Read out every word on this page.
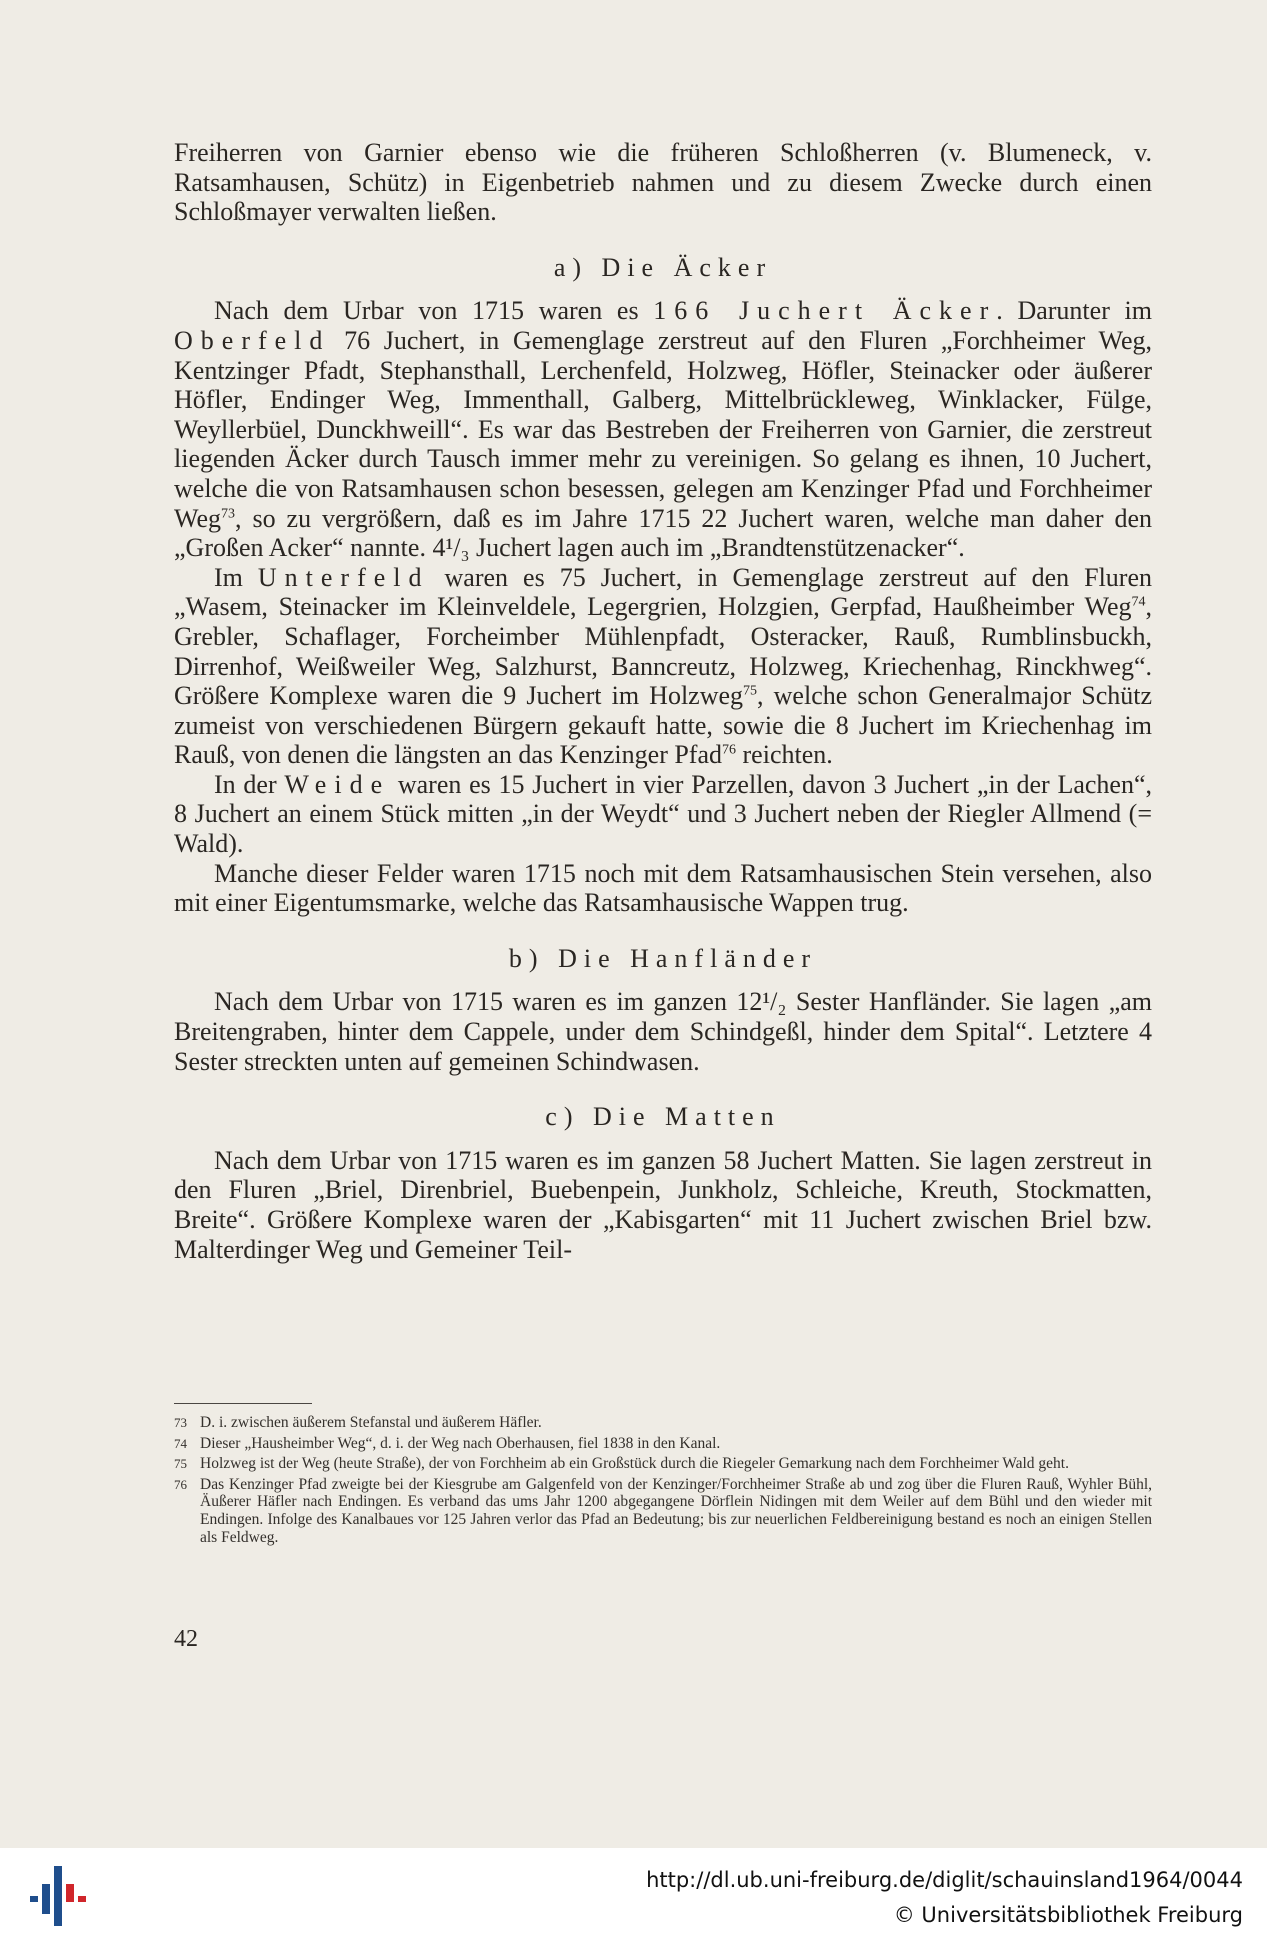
Freiherren von Garnier ebenso wie die früheren Schloßherren (v. Blumeneck, v. Ratsamhausen, Schütz) in Eigenbetrieb nahmen und zu diesem Zwecke durch einen Schloßmayer verwalten ließen.

a) Die Äcker

Nach dem Urbar von 1715 waren es 166 Juchert Äcker. Darunter im Oberfeld 76 Juchert, in Gemenglage zerstreut auf den Fluren „Forchheimer Weg, Kentzinger Pfadt, Stephansthall, Lerchenfeld, Holzweg, Höfler, Steinacker oder äußerer Höfler, Endinger Weg, Immenthall, Galberg, Mittelbrückleweg, Winklacker, Fülge, Weyllerbüel, Dunckhweill“. Es war das Bestreben der Freiherren von Garnier, die zerstreut liegenden Äcker durch Tausch immer mehr zu vereinigen. So gelang es ihnen, 10 Juchert, welche die von Ratsamhausen schon besessen, gelegen am Kenzinger Pfad und Forchheimer Weg$^{73}$, so zu vergrößern, daß es im Jahre 1715 22 Juchert waren, welche man daher den „Großen Acker“ nannte. 4¹/₃ Juchert lagen auch im „Brandtenstützenacker“.

Im Unterfeld waren es 75 Juchert, in Gemenglage zerstreut auf den Fluren „Wasem, Steinacker im Kleinveldele, Legergrien, Holzgien, Gerpfad, Haußheimber Weg$^{74}$, Grebler, Schaflager, Forcheimber Mühlenpfadt, Osteracker, Rauß, Rumblinsbuckh, Dirrenhof, Weißweiler Weg, Salzhurst, Banncreutz, Holzweg, Kriechenhag, Rinckhweg“. Größere Komplexe waren die 9 Juchert im Holzweg$^{75}$, welche schon Generalmajor Schütz zumeist von verschiedenen Bürgern gekauft hatte, sowie die 8 Juchert im Kriechenhag im Rauß, von denen die längsten an das Kenzinger Pfad$^{76}$ reichten.

In der Weide waren es 15 Juchert in vier Parzellen, davon 3 Juchert „in der Lachen“, 8 Juchert an einem Stück mitten „in der Weydt“ und 3 Juchert neben der Riegler Allmend (= Wald).

Manche dieser Felder waren 1715 noch mit dem Ratsamhausischen Stein versehen, also mit einer Eigentumsmarke, welche das Ratsamhausische Wappen trug.

b) Die Hanfländer

Nach dem Urbar von 1715 waren es im ganzen 12¹/₂ Sester Hanfländer. Sie lagen „am Breitengraben, hinter dem Cappele, under dem Schindgeßl, hinder dem Spital“. Letztere 4 Sester streckten unten auf gemeinen Schindwasen.

c) Die Matten

Nach dem Urbar von 1715 waren es im ganzen 58 Juchert Matten. Sie lagen zerstreut in den Fluren „Briel, Direnbriel, Buebenpein, Junkholz, Schleiche, Kreuth, Stockmatten, Breite“. Größere Komplexe waren der „Kabisgarten“ mit 11 Juchert zwischen Briel bzw. Malterdinger Weg und Gemeiner Teil-

73 D. i. zwischen äußerem Stefanstal und äußerem Häfler.

74 Dieser „Hausheimber Weg“, d. i. der Weg nach Oberhausen, fiel 1838 in den Kanal.

75 Holzweg ist der Weg (heute Straße), der von Forchheim ab ein Großstück durch die Riegeler Gemarkung nach dem Forchheimer Wald geht.

76 Das Kenzinger Pfad zweigte bei der Kiesgrube am Galgenfeld von der Kenzinger/Forchheimer Straße ab und zog über die Fluren Rauß, Wyhler Bühl, Äußerer Häfler nach Endingen. Es verband das ums Jahr 1200 abgegangene Dörflein Nidingen mit dem Weiler auf dem Bühl und den wieder mit Endingen. Infolge des Kanalbaues vor 125 Jahren verlor das Pfad an Bedeutung; bis zur neuerlichen Feldbereinigung bestand es noch an einigen Stellen als Feldweg.

42
http://dl.ub.uni-freiburg.de/diglit/schauinsland1964/0044
© Universitätsbibliothek Freiburg
